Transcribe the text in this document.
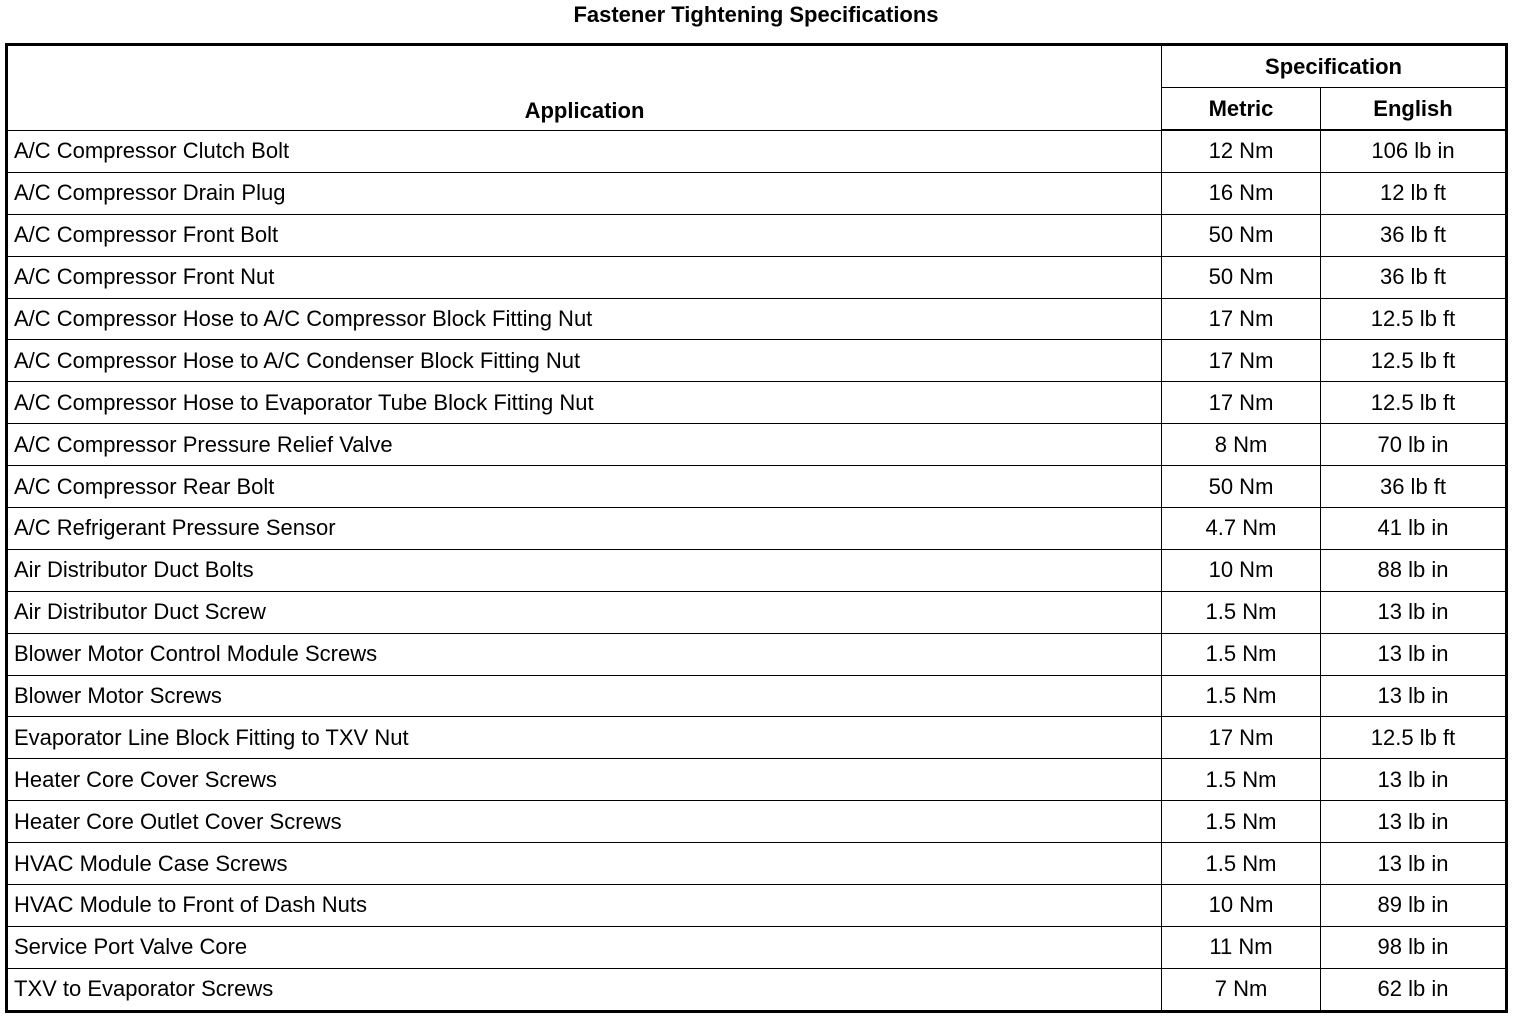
Fastener Tightening Specifications
Application	Specification	
	Metric	English
A/C Compressor Clutch Bolt	12 Nm	106 lb in
A/C Compressor Drain Plug	16 Nm	12 lb ft
A/C Compressor Front Bolt	50 Nm	36 lb ft
A/C Compressor Front Nut	50 Nm	36 lb ft
A/C Compressor Hose to A/C Compressor Block Fitting Nut	17 Nm	12.5 lb ft
A/C Compressor Hose to A/C Condenser Block Fitting Nut	17 Nm	12.5 lb ft
A/C Compressor Hose to Evaporator Tube Block Fitting Nut	17 Nm	12.5 lb ft
A/C Compressor Pressure Relief Valve	8 Nm	70 lb in
A/C Compressor Rear Bolt	50 Nm	36 lb ft
A/C Refrigerant Pressure Sensor	4.7 Nm	41 lb in
Air Distributor Duct Bolts	10 Nm	88 lb in
Air Distributor Duct Screw	1.5 Nm	13 lb in
Blower Motor Control Module Screws	1.5 Nm	13 lb in
Blower Motor Screws	1.5 Nm	13 lb in
Evaporator Line Block Fitting to TXV Nut	17 Nm	12.5 lb ft
Heater Core Cover Screws	1.5 Nm	13 lb in
Heater Core Outlet Cover Screws	1.5 Nm	13 lb in
HVAC Module Case Screws	1.5 Nm	13 lb in
HVAC Module to Front of Dash Nuts	10 Nm	89 lb in
Service Port Valve Core	11 Nm	98 lb in
TXV to Evaporator Screws	7 Nm	62 lb in
